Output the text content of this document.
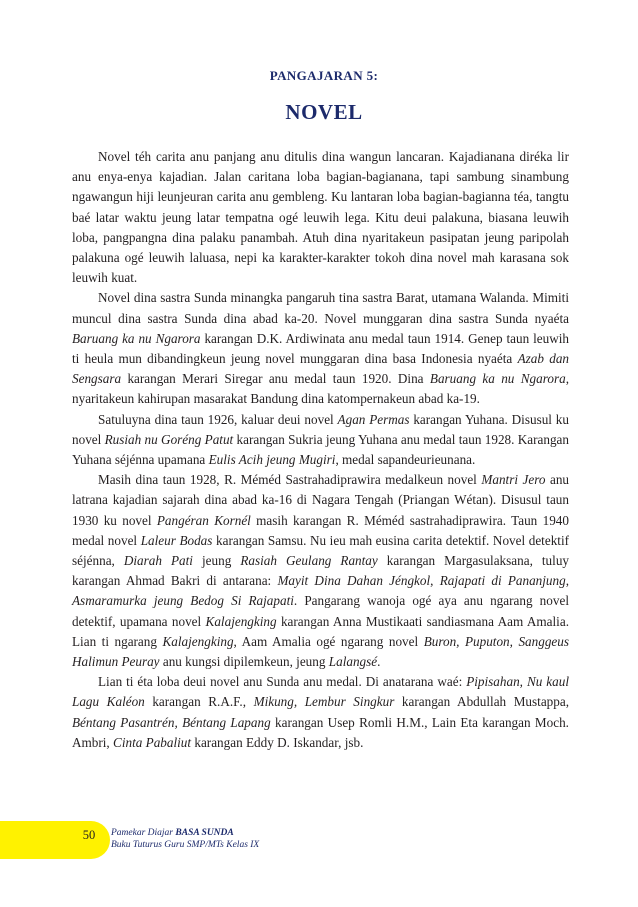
PANGAJARAN 5:
NOVEL

Novel téh carita anu panjang anu ditulis dina wangun lancaran. Kajadianana diréka lir anu enya-enya kajadian. Jalan caritana loba bagian-bagianana, tapi sambung sinambung ngawangun hiji leunjeuran carita anu gembleng. Ku lantaran loba bagian-bagianna téa, tangtu baé latar waktu jeung latar tempatna ogé leuwih lega. Kitu deui palakuna, biasana leuwih loba, pangpangna dina palaku panambah. Atuh dina nyaritakeun pasipatan jeung paripolah palakuna ogé leuwih laluasa, nepi ka karakter-karakter tokoh dina novel mah karasana sok leuwih kuat.

Novel dina sastra Sunda minangka pangaruh tina sastra Barat, utamana Walanda. Mimiti muncul dina sastra Sunda dina abad ka-20. Novel munggaran dina sastra Sunda nyaéta Baruang ka nu Ngarora karangan D.K. Ardiwinata anu medal taun 1914. Genep taun leuwih ti heula mun dibandingkeun jeung novel munggaran dina basa Indonesia nyaéta Azab dan Sengsara karangan Merari Siregar anu medal taun 1920. Dina Baruang ka nu Ngarora, nyaritakeun kahirupan masarakat Bandung dina katompernakeun abad ka-19.

Satuluyna dina taun 1926, kaluar deui novel Agan Permas karangan Yuhana. Disusul ku novel Rusiah nu Goréng Patut karangan Sukria jeung Yuhana anu medal taun 1928. Karangan Yuhana séjénna upamana Eulis Acih jeung Mugiri, medal sapandeurieunana.

Masih dina taun 1928, R. Méméd Sastrahadiprawira medalkeun novel Mantri Jero anu latrana kajadian sajarah dina abad ka-16 di Nagara Tengah (Priangan Wétan). Disusul taun 1930 ku novel Pangéran Kornél masih karangan R. Méméd sastrahadiprawira. Taun 1940 medal novel Laleur Bodas karangan Samsu. Nu ieu mah eusina carita detektif. Novel detektif séjénna, Diarah Pati jeung Rasiah Geulang Rantay karangan Margasulaksana, tuluy karangan Ahmad Bakri di antarana: Mayit Dina Dahan Jéngkol, Rajapati di Pananjung, Asmaramurka jeung Bedog Si Rajapati. Pangarang wanoja ogé aya anu ngarang novel detektif, upamana novel Kalajengking karangan Anna Mustikaati sandiasmana Aam Amalia. Lian ti ngarang Kalajengking, Aam Amalia ogé ngarang novel Buron, Puputon, Sanggeus Halimun Peuray anu kungsi dipilemkeun, jeung Lalangsé.

Lian ti éta loba deui novel anu Sunda anu medal. Di anatarana waé: Pipisahan, Nu kaul Lagu Kaléon karangan R.A.F., Mikung, Lembur Singkur karangan Abdullah Mustappa, Béntang Pasantrén, Béntang Lapang karangan Usep Romli H.M., Lain Eta karangan Moch. Ambri, Cinta Pabaliut karangan Eddy D. Iskandar, jsb.

50	Pamekar Diajar BASA SUNDA
Buku Tuturus Guru SMP/MTs Kelas IX
